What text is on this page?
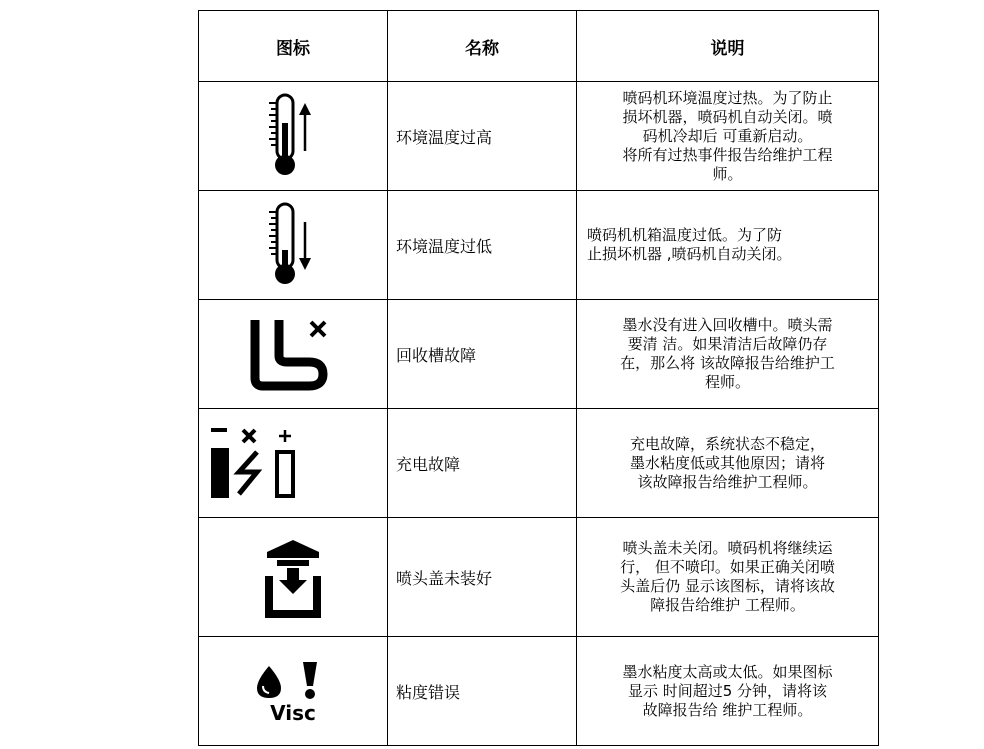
图标	名称	说明
	环境温度过高	喷码机环境温度过热。为了防止
损坏机器，喷码机自动关闭。喷
码机冷却后 可重新启动。
将所有过热事件报告给维护工程
师。

	环境温度过低	喷码机机箱温度过低。为了防
止损坏机器 ,喷码机自动关闭。

	回收槽故障	墨水没有进入回收槽中。喷头需
要清 洁。如果清洁后故障仍存
在，那么将 该故障报告给维护工
程师。

	充电故障	充电故障，系统状态不稳定，
墨水粘度低或其他原因；请将
该故障报告给维护工程师。

	喷头盖未装好	喷头盖未关闭。喷码机将继续运
行， 但不喷印。如果正确关闭喷
头盖后仍 显示该图标，请将该故
障报告给维护 工程师。

Visc	粘度错误	墨水粘度太高或太低。如果图标
显示 时间超过5 分钟，请将该
故障报告给 维护工程师。
